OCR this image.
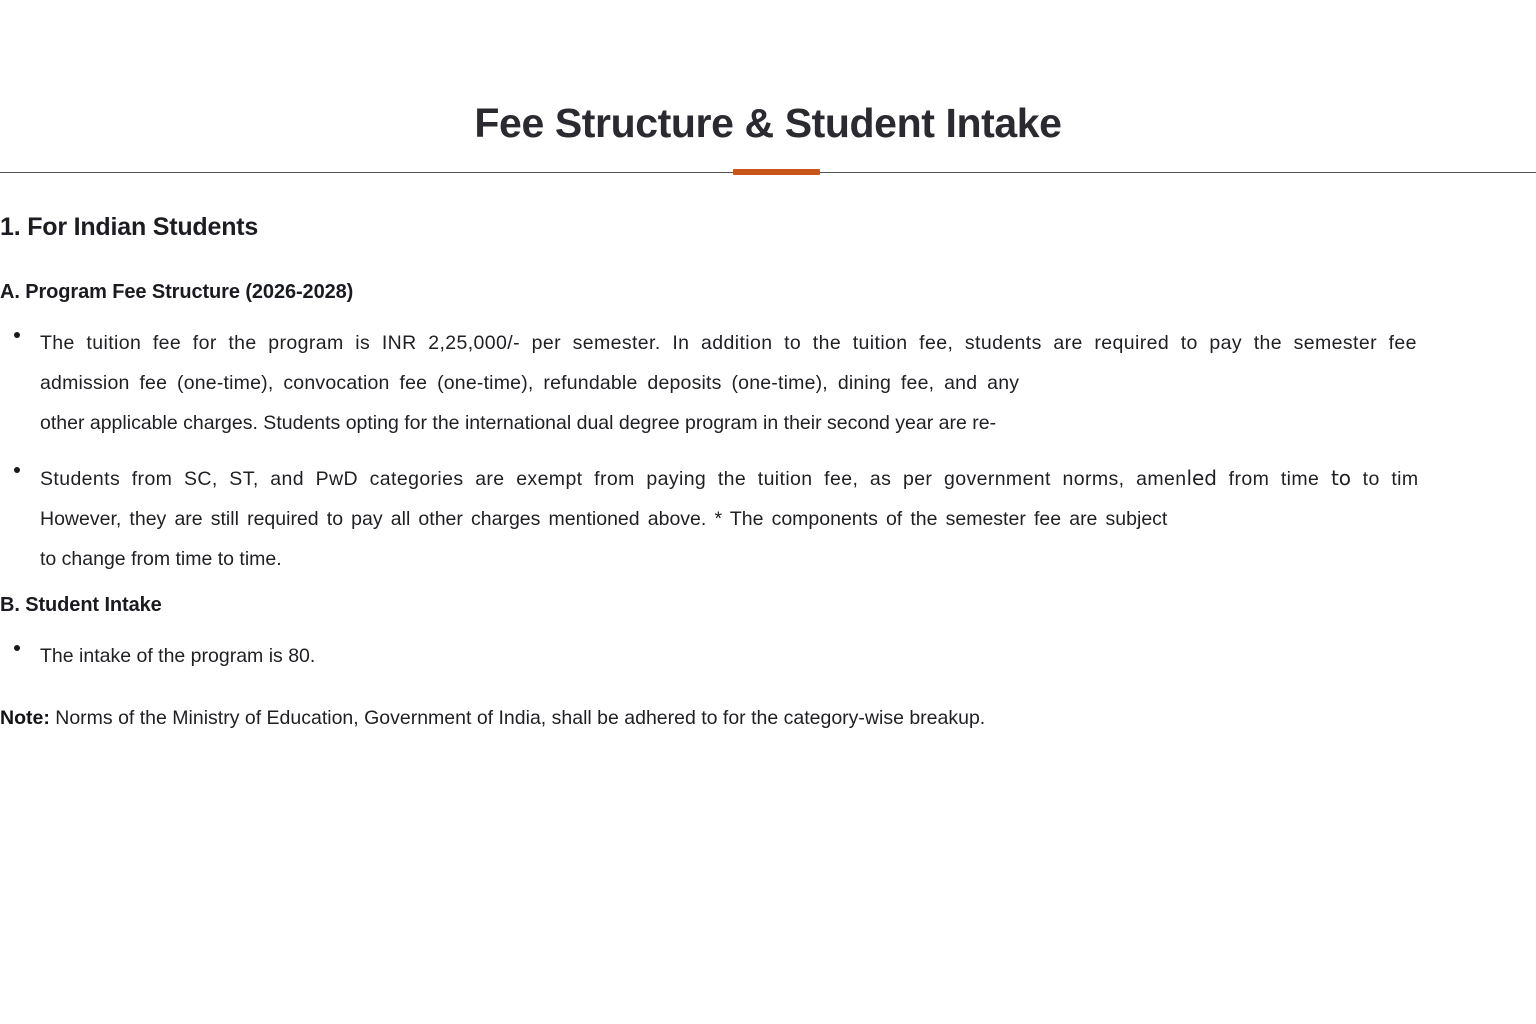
Fee Structure & Student Intake
1. For Indian Students
A. Program Fee Structure (2026-2028)
The tuition fee for the program is INR 2,25,000/- per semester. In addition to the tuition fee, students are required to pay the semester fee
admission fee (one-time), convocation fee (one-time), refundable deposits (one-time), dining fee, and any
other applicable charges. Students opting for the international dual degree program in their second year are re-
Students from SC, ST, and PwD categories are exempt from paying the tuition fee, as per government norms, amenled from time to to tim
However, they are still required to pay all other charges mentioned above. * The components of the semester fee are subject
to change from time to time.
B. Student Intake
The intake of the program is 80.
Note: Norms of the Ministry of Education, Government of India, shall be adhered to for the category-wise breakup.
